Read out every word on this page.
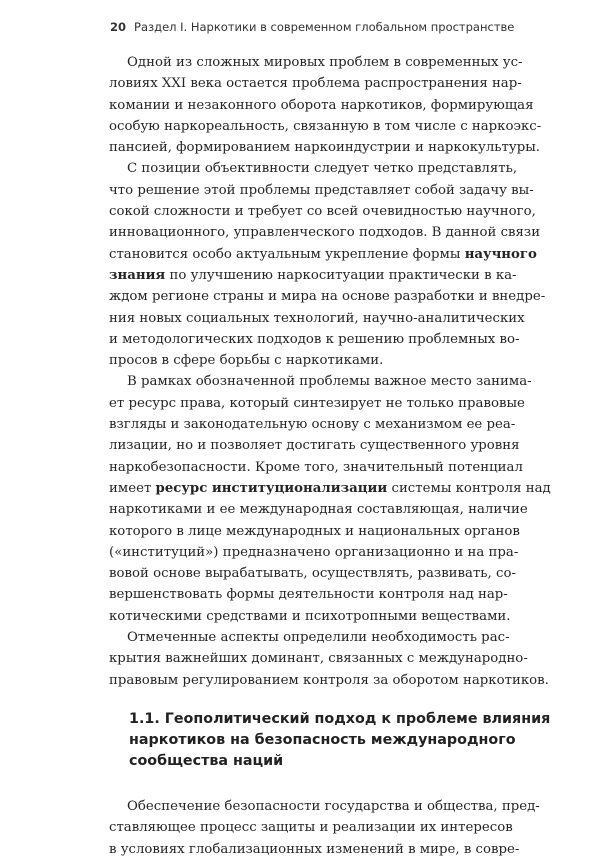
20 Раздел I. Наркотики в современном глобальном пространстве
Одной из сложных мировых проблем в современных ус-
ловиях XXI века остается проблема распространения нар-
комании и незаконного оборота наркотиков, формирующая
особую наркореальность, связанную в том числе с наркоэкс-
пансией, формированием наркоиндустрии и наркокультуры.
С позиции объективности следует четко представлять,
что решение этой проблемы представляет собой задачу вы-
сокой сложности и требует со всей очевидностью научного,
инновационного, управленческого подходов. В данной связи
становится особо актуальным укрепление формы научного
знания по улучшению наркоситуации практически в ка-
ждом регионе страны и мира на основе разработки и внедре-
ния новых социальных технологий, научно-аналитических
и методологических подходов к решению проблемных во-
просов в сфере борьбы с наркотиками.
В рамках обозначенной проблемы важное место занима-
ет ресурс права, который синтезирует не только правовые
взгляды и законодательную основу с механизмом ее реа-
лизации, но и позволяет достигать существенного уровня
наркобезопасности. Кроме того, значительный потенциал
имеет ресурс институционализации системы контроля над
наркотиками и ее международная составляющая, наличие
которого в лице международных и национальных органов
(«институций») предназначено организационно и на пра-
вовой основе вырабатывать, осуществлять, развивать, со-
вершенствовать формы деятельности контроля над нар-
котическими средствами и психотропными веществами.
Отмеченные аспекты определили необходимость рас-
крытия важнейших доминант, связанных с международно-
правовым регулированием контроля за оборотом наркотиков.
1.1. Геополитический подход к проблеме влияния
наркотиков на безопасность международного
сообщества наций
Обеспечение безопасности государства и общества, пред-
ставляющее процесс защиты и реализации их интересов
в условиях глобализационных изменений в мире, в совре-
